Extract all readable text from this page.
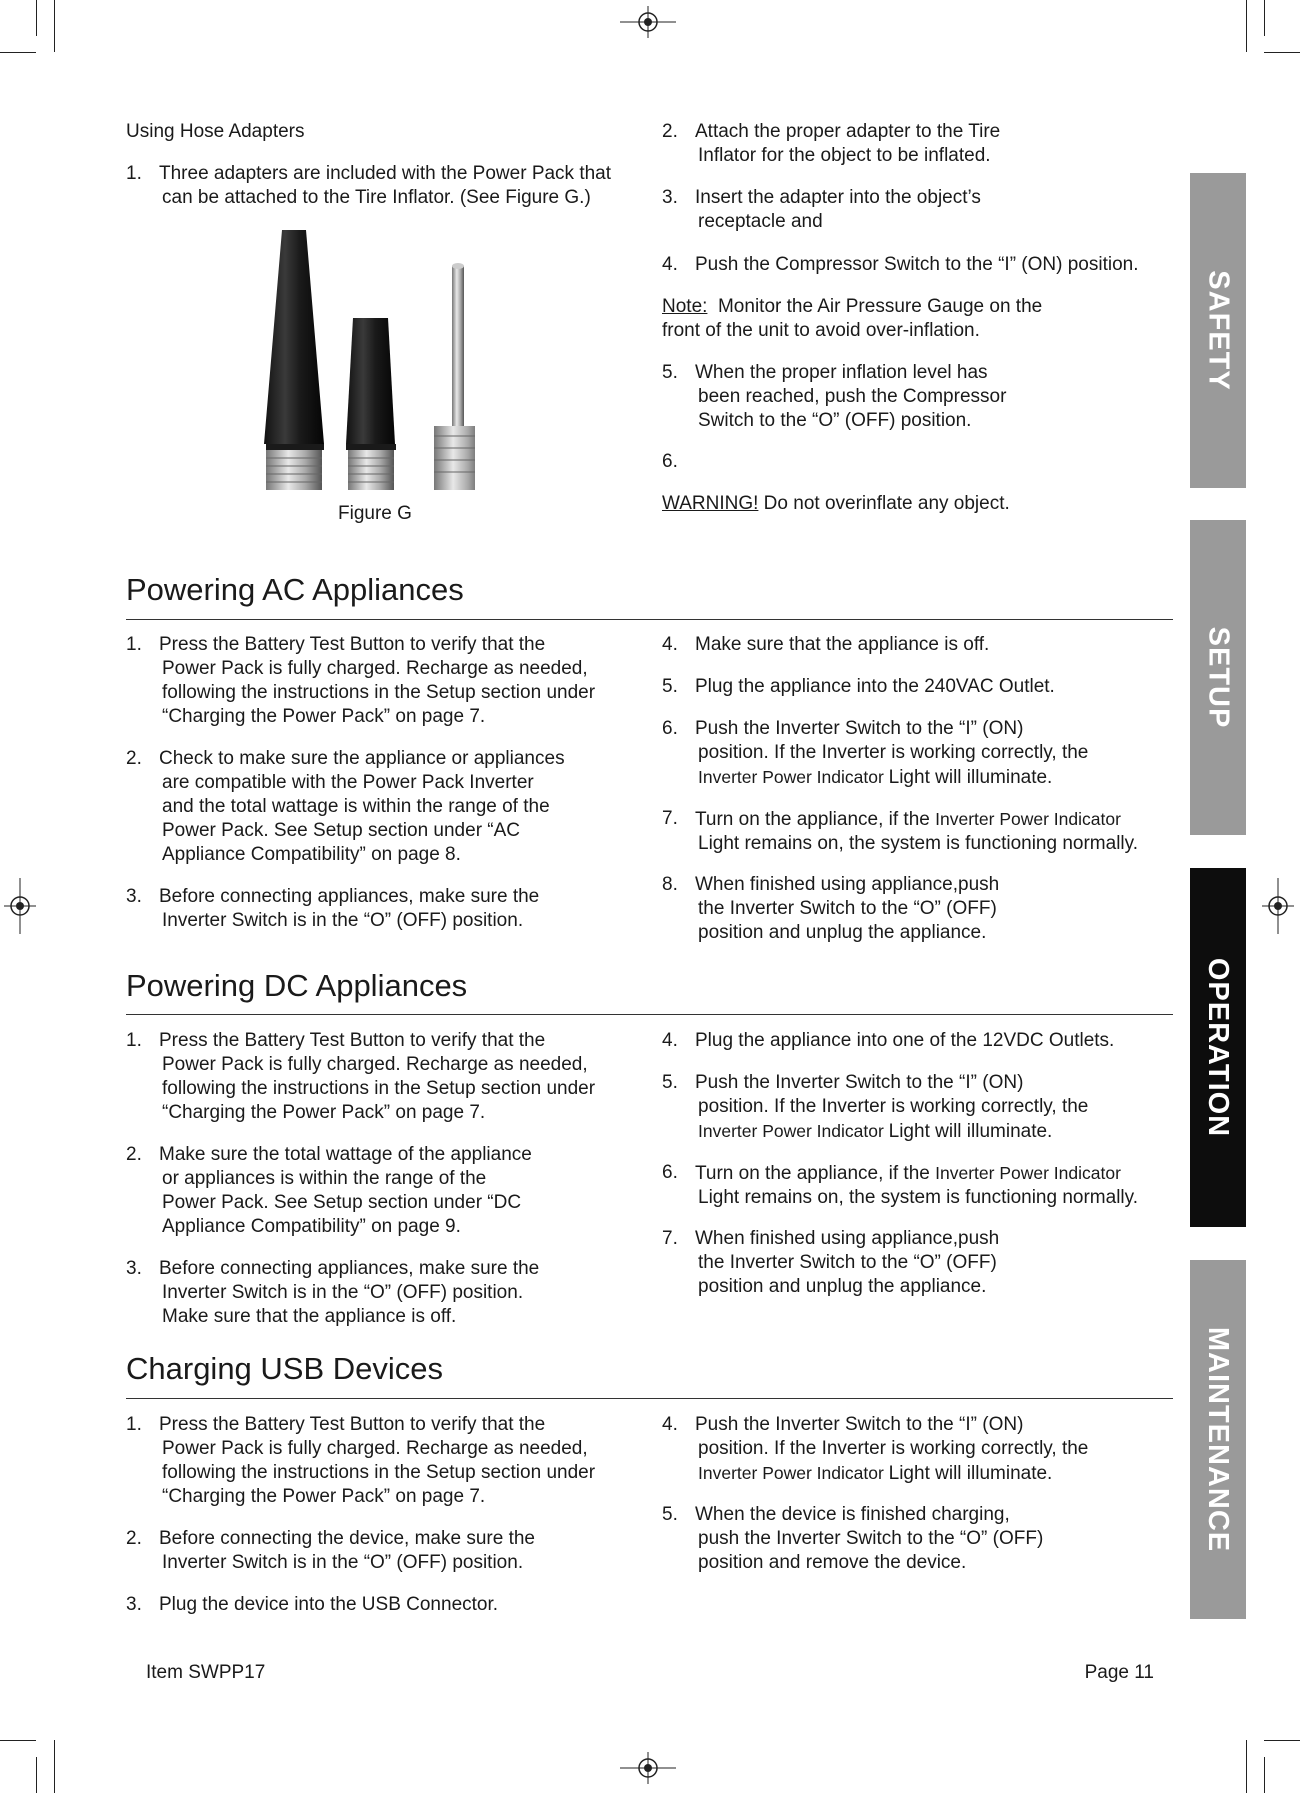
Using Hose Adapters
1. Three adapters are included with the Power Pack that
can be attached to the Tire Inflator. (See Figure G.)
Figure G
2. Attach the proper adapter to the Tire
Inflator for the object to be inflated.
3. Insert the adapter into the object’s
receptacle and
4. Push the Compressor Switch to the “I” (ON) position.
Note:  Monitor the Air Pressure Gauge on the
front of the unit to avoid over-inflation.
5. When the proper inflation level has
been reached, push the Compressor
Switch to the “O” (OFF) position.
6.
WARNING! Do not overinflate any object.
Powering AC Appliances
1. Press the Battery Test Button to verify that the
Power Pack is fully charged. Recharge as needed,
following the instructions in the Setup section under
“Charging the Power Pack” on page 7.
2. Check to make sure the appliance or appliances
are compatible with the Power Pack Inverter
and the total wattage is within the range of the
Power Pack. See Setup section under “AC
Appliance Compatibility” on page 8.
3. Before connecting appliances, make sure the
Inverter Switch is in the “O” (OFF) position.
4. Make sure that the appliance is off.
5. Plug the appliance into the 240VAC Outlet.
6. Push the Inverter Switch to the “I” (ON)
position. If the Inverter is working correctly, the
Inverter Power Indicator Light will illuminate.
7. Turn on the appliance, if the Inverter Power Indicator
Light remains on, the system is functioning normally.
8. When finished using appliance,push
the Inverter Switch to the “O” (OFF)
position and unplug the appliance.
Powering DC Appliances
1. Press the Battery Test Button to verify that the
Power Pack is fully charged. Recharge as needed,
following the instructions in the Setup section under
“Charging the Power Pack” on page 7.
2. Make sure the total wattage of the appliance
or appliances is within the range of the
Power Pack. See Setup section under “DC
Appliance Compatibility” on page 9.
3. Before connecting appliances, make sure the
Inverter Switch is in the “O” (OFF) position.
Make sure that the appliance is off.
4. Plug the appliance into one of the 12VDC Outlets.
5. Push the Inverter Switch to the “I” (ON)
position. If the Inverter is working correctly, the
Inverter Power Indicator Light will illuminate.
6. Turn on the appliance, if the Inverter Power Indicator
Light remains on, the system is functioning normally.
7. When finished using appliance,push
the Inverter Switch to the “O” (OFF)
position and unplug the appliance.
Charging USB Devices
1. Press the Battery Test Button to verify that the
Power Pack is fully charged. Recharge as needed,
following the instructions in the Setup section under
“Charging the Power Pack” on page 7.
2. Before connecting the device, make sure the
Inverter Switch is in the “O” (OFF) position.
3. Plug the device into the USB Connector.
4. Push the Inverter Switch to the “I” (ON)
position. If the Inverter is working correctly, the
Inverter Power Indicator Light will illuminate.
5. When the device is finished charging,
push the Inverter Switch to the “O” (OFF)
position and remove the device.
SAFETY
SETUP
OPERATION
MAINTENANCE
Item SWPP17	Page 11
